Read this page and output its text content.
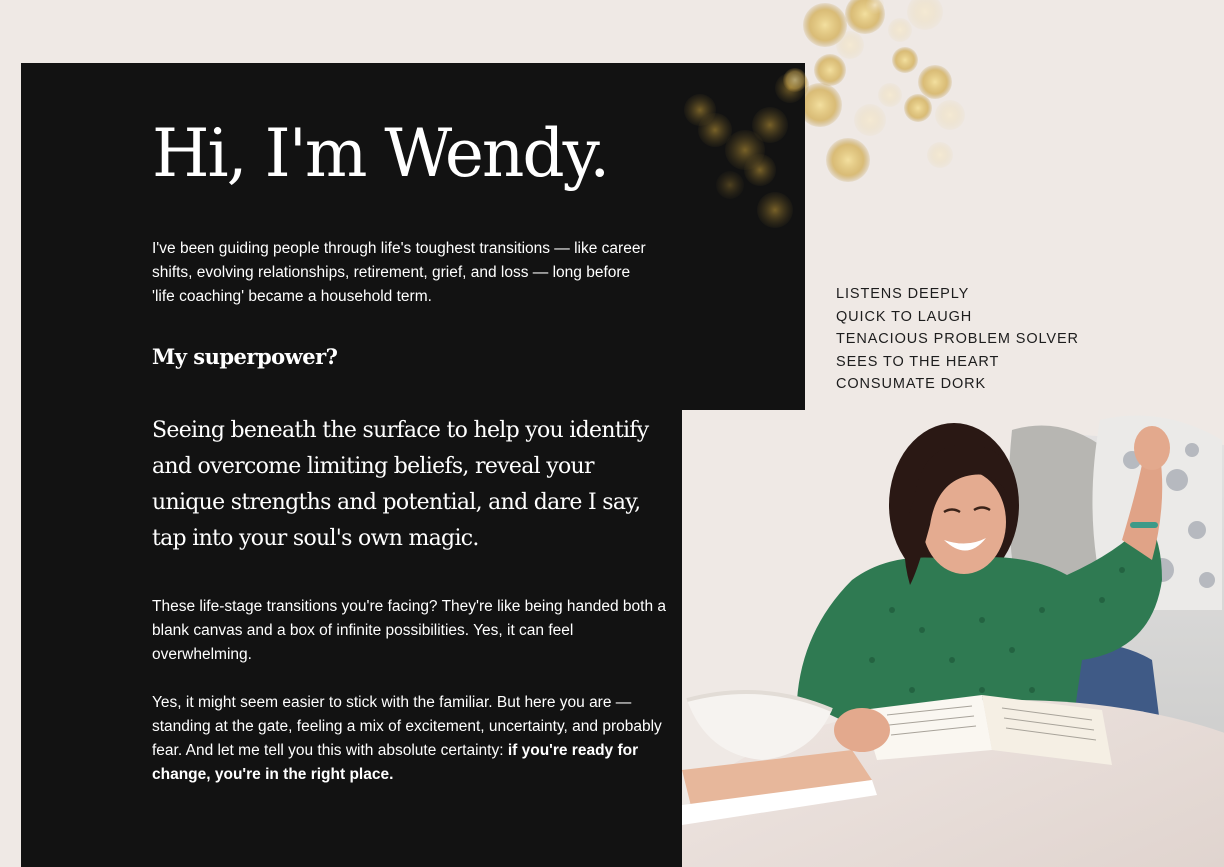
Hi, I'm Wendy.

I've been guiding people through life's toughest transitions — like career shifts, evolving relationships, retirement, grief, and loss — long before 'life coaching' became a household term.

My superpower?

Seeing beneath the surface to help you identify and overcome limiting beliefs, reveal your unique strengths and potential, and dare I say, tap into your soul's own magic.

These life-stage transitions you're facing? They're like being handed both a blank canvas and a box of infinite possibilities. Yes, it can feel overwhelming.

Yes, it might seem easier to stick with the familiar. But here you are — standing at the gate, feeling a mix of excitement, uncertainty, and probably fear. And let me tell you this with absolute certainty: if you're ready for change, you're in the right place.

LISTENS DEEPLY
QUICK TO LAUGH
TENACIOUS PROBLEM SOLVER
SEES TO THE HEART
CONSUMATE DORK
